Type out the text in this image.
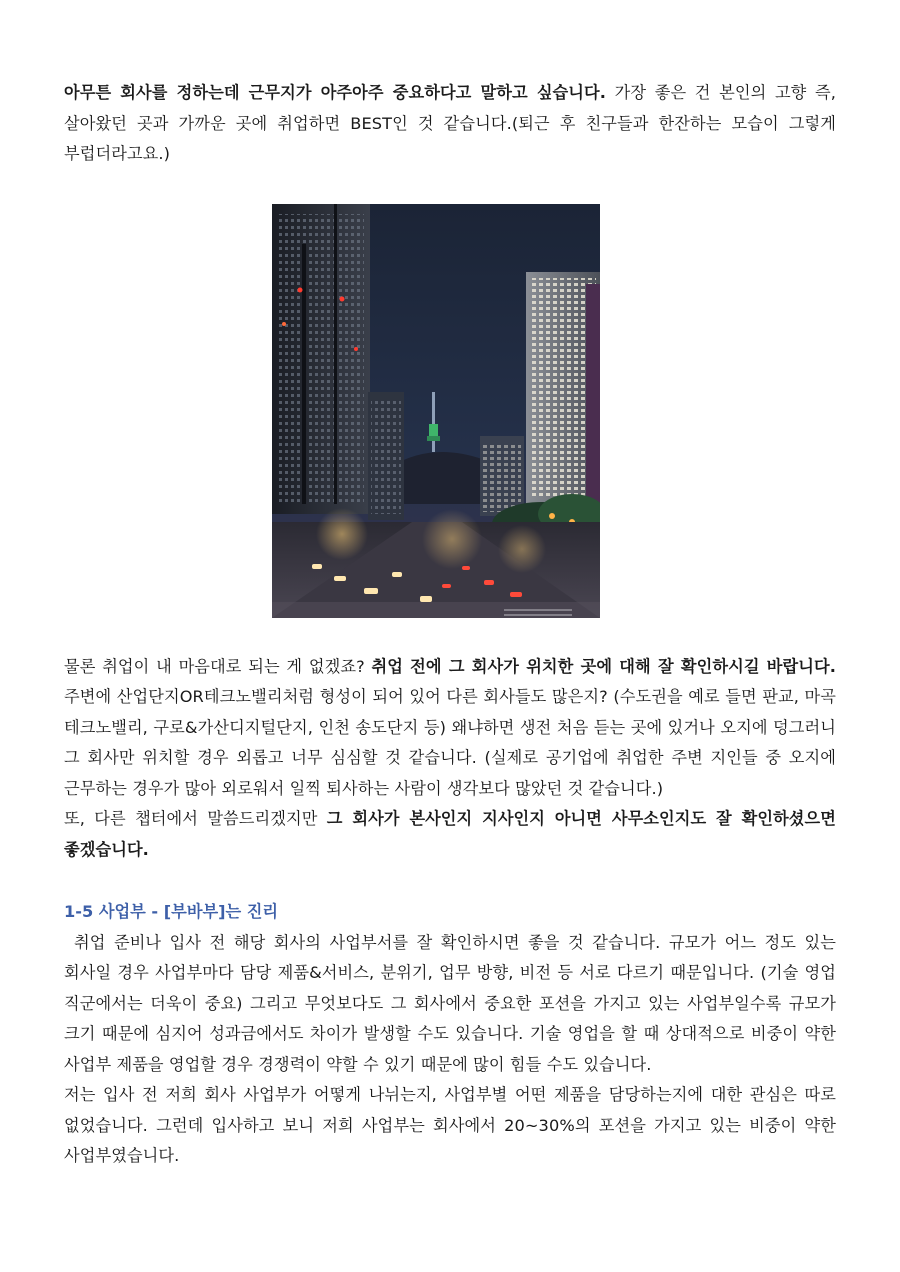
아무튼 회사를 정하는데 근무지가 아주아주 중요하다고 말하고 싶습니다. 가장 좋은 건 본인의 고향 즉, 살아왔던 곳과 가까운 곳에 취업하면 BEST인 것 같습니다.(퇴근 후 친구들과 한잔하는 모습이 그렇게 부럽더라고요.)

물론 취업이 내 마음대로 되는 게 없겠죠? 취업 전에 그 회사가 위치한 곳에 대해 잘 확인하시길 바랍니다. 주변에 산업단지OR테크노밸리처럼 형성이 되어 있어 다른 회사들도 많은지? (수도권을 예로 들면 판교, 마곡 테크노밸리, 구로&가산디지털단지, 인천 송도단지 등) 왜냐하면 생전 처음 듣는 곳에 있거나 오지에 덩그러니 그 회사만 위치할 경우 외롭고 너무 심심할 것 같습니다. (실제로 공기업에 취업한 주변 지인들 중 오지에 근무하는 경우가 많아 외로워서 일찍 퇴사하는 사람이 생각보다 많았던 것 같습니다.)

또, 다른 챕터에서 말씀드리겠지만 그 회사가 본사인지 지사인지 아니면 사무소인지도 잘 확인하셨으면 좋겠습니다.

1-5 사업부 - [부바부]는 진리

취업 준비나 입사 전 해당 회사의 사업부서를 잘 확인하시면 좋을 것 같습니다. 규모가 어느 정도 있는 회사일 경우 사업부마다 담당 제품&서비스, 분위기, 업무 방향, 비전 등 서로 다르기 때문입니다. (기술 영업 직군에서는 더욱이 중요) 그리고 무엇보다도 그 회사에서 중요한 포션을 가지고 있는 사업부일수록 규모가 크기 때문에 심지어 성과금에서도 차이가 발생할 수도 있습니다. 기술 영업을 할 때 상대적으로 비중이 약한 사업부 제품을 영업할 경우 경쟁력이 약할 수 있기 때문에 많이 힘들 수도 있습니다.

저는 입사 전 저희 회사 사업부가 어떻게 나뉘는지, 사업부별 어떤 제품을 담당하는지에 대한 관심은 따로 없었습니다. 그런데 입사하고 보니 저희 사업부는 회사에서 20~30%의 포션을 가지고 있는 비중이 약한 사업부였습니다.
